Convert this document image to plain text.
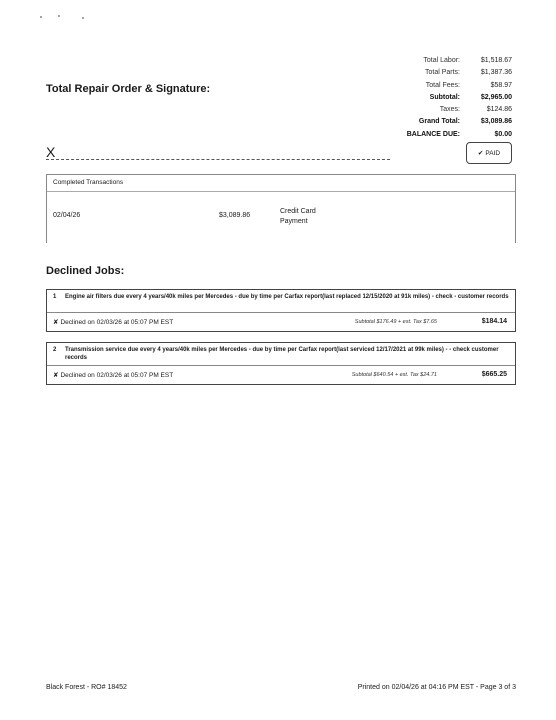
Total Labor:	$1,518.67
Total Parts:	$1,387.36
Total Fees:	$58.97
Subtotal:	$2,965.00
Taxes:	$124.86
Grand Total:	$3,089.86
BALANCE DUE:	$0.00
Total Repair Order & Signature:
✔ PAID
X
Completed Transactions
02/04/26	$3,089.86
Credit Card
Payment
Declined Jobs:
1 Engine air filters due every 4 years/40k miles per Mercedes - due by time per Carfax report(last replaced 12/15/2020 at 91k miles) - check - customer records
✘ Declined on 02/03/26 at 05:07 PM EST	Subtotal $176.49 + est. Tax $7.65	$184.14
2 Transmission service due every 4 years/40k miles per Mercedes - due by time per Carfax report(last serviced 12/17/2021 at 99k miles) - - check customer records
✘ Declined on 02/03/26 at 05:07 PM EST	Subtotal $640.54 + est. Tax $24.71	$665.25
Black Forest - RO# 18452	Printed on 02/04/26 at 04:16 PM EST - Page 3 of 3
